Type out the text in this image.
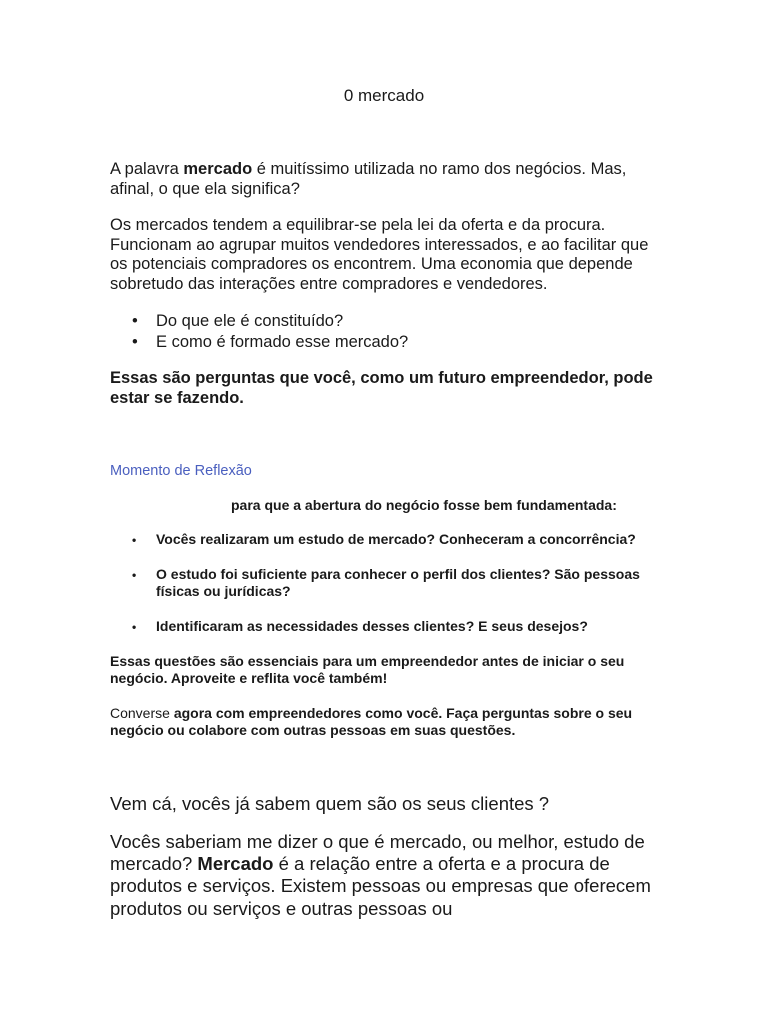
0 mercado

A palavra mercado é muitíssimo utilizada no ramo dos negócios. Mas, afinal, o que ela significa?

Os mercados tendem a equilibrar-se pela lei da oferta e da procura. Funcionam ao agrupar muitos vendedores interessados, e ao facilitar que os potenciais compradores os encontrem. Uma economia que depende sobretudo das interações entre compradores e vendedores.

• Do que ele é constituído?
• E como é formado esse mercado?

Essas são perguntas que você, como um futuro empreendedor, pode estar se fazendo.

Momento de Reflexão
para que a abertura do negócio fosse bem fundamentada:
• Vocês realizaram um estudo de mercado? Conheceram a concorrência?
• O estudo foi suficiente para conhecer o perfil dos clientes? São pessoas físicas ou jurídicas?
• Identificaram as necessidades desses clientes? E seus desejos?

Essas questões são essenciais para um empreendedor antes de iniciar o seu negócio. Aproveite e reflita você também!

Converse agora com empreendedores como você. Faça perguntas sobre o seu negócio ou colabore com outras pessoas em suas questões.

Vem cá, vocês já sabem quem são os seus clientes ?

Vocês saberiam me dizer o que é mercado, ou melhor, estudo de mercado? Mercado é a relação entre a oferta e a procura de produtos e serviços. Existem pessoas ou empresas que oferecem produtos ou serviços e outras pessoas ou
